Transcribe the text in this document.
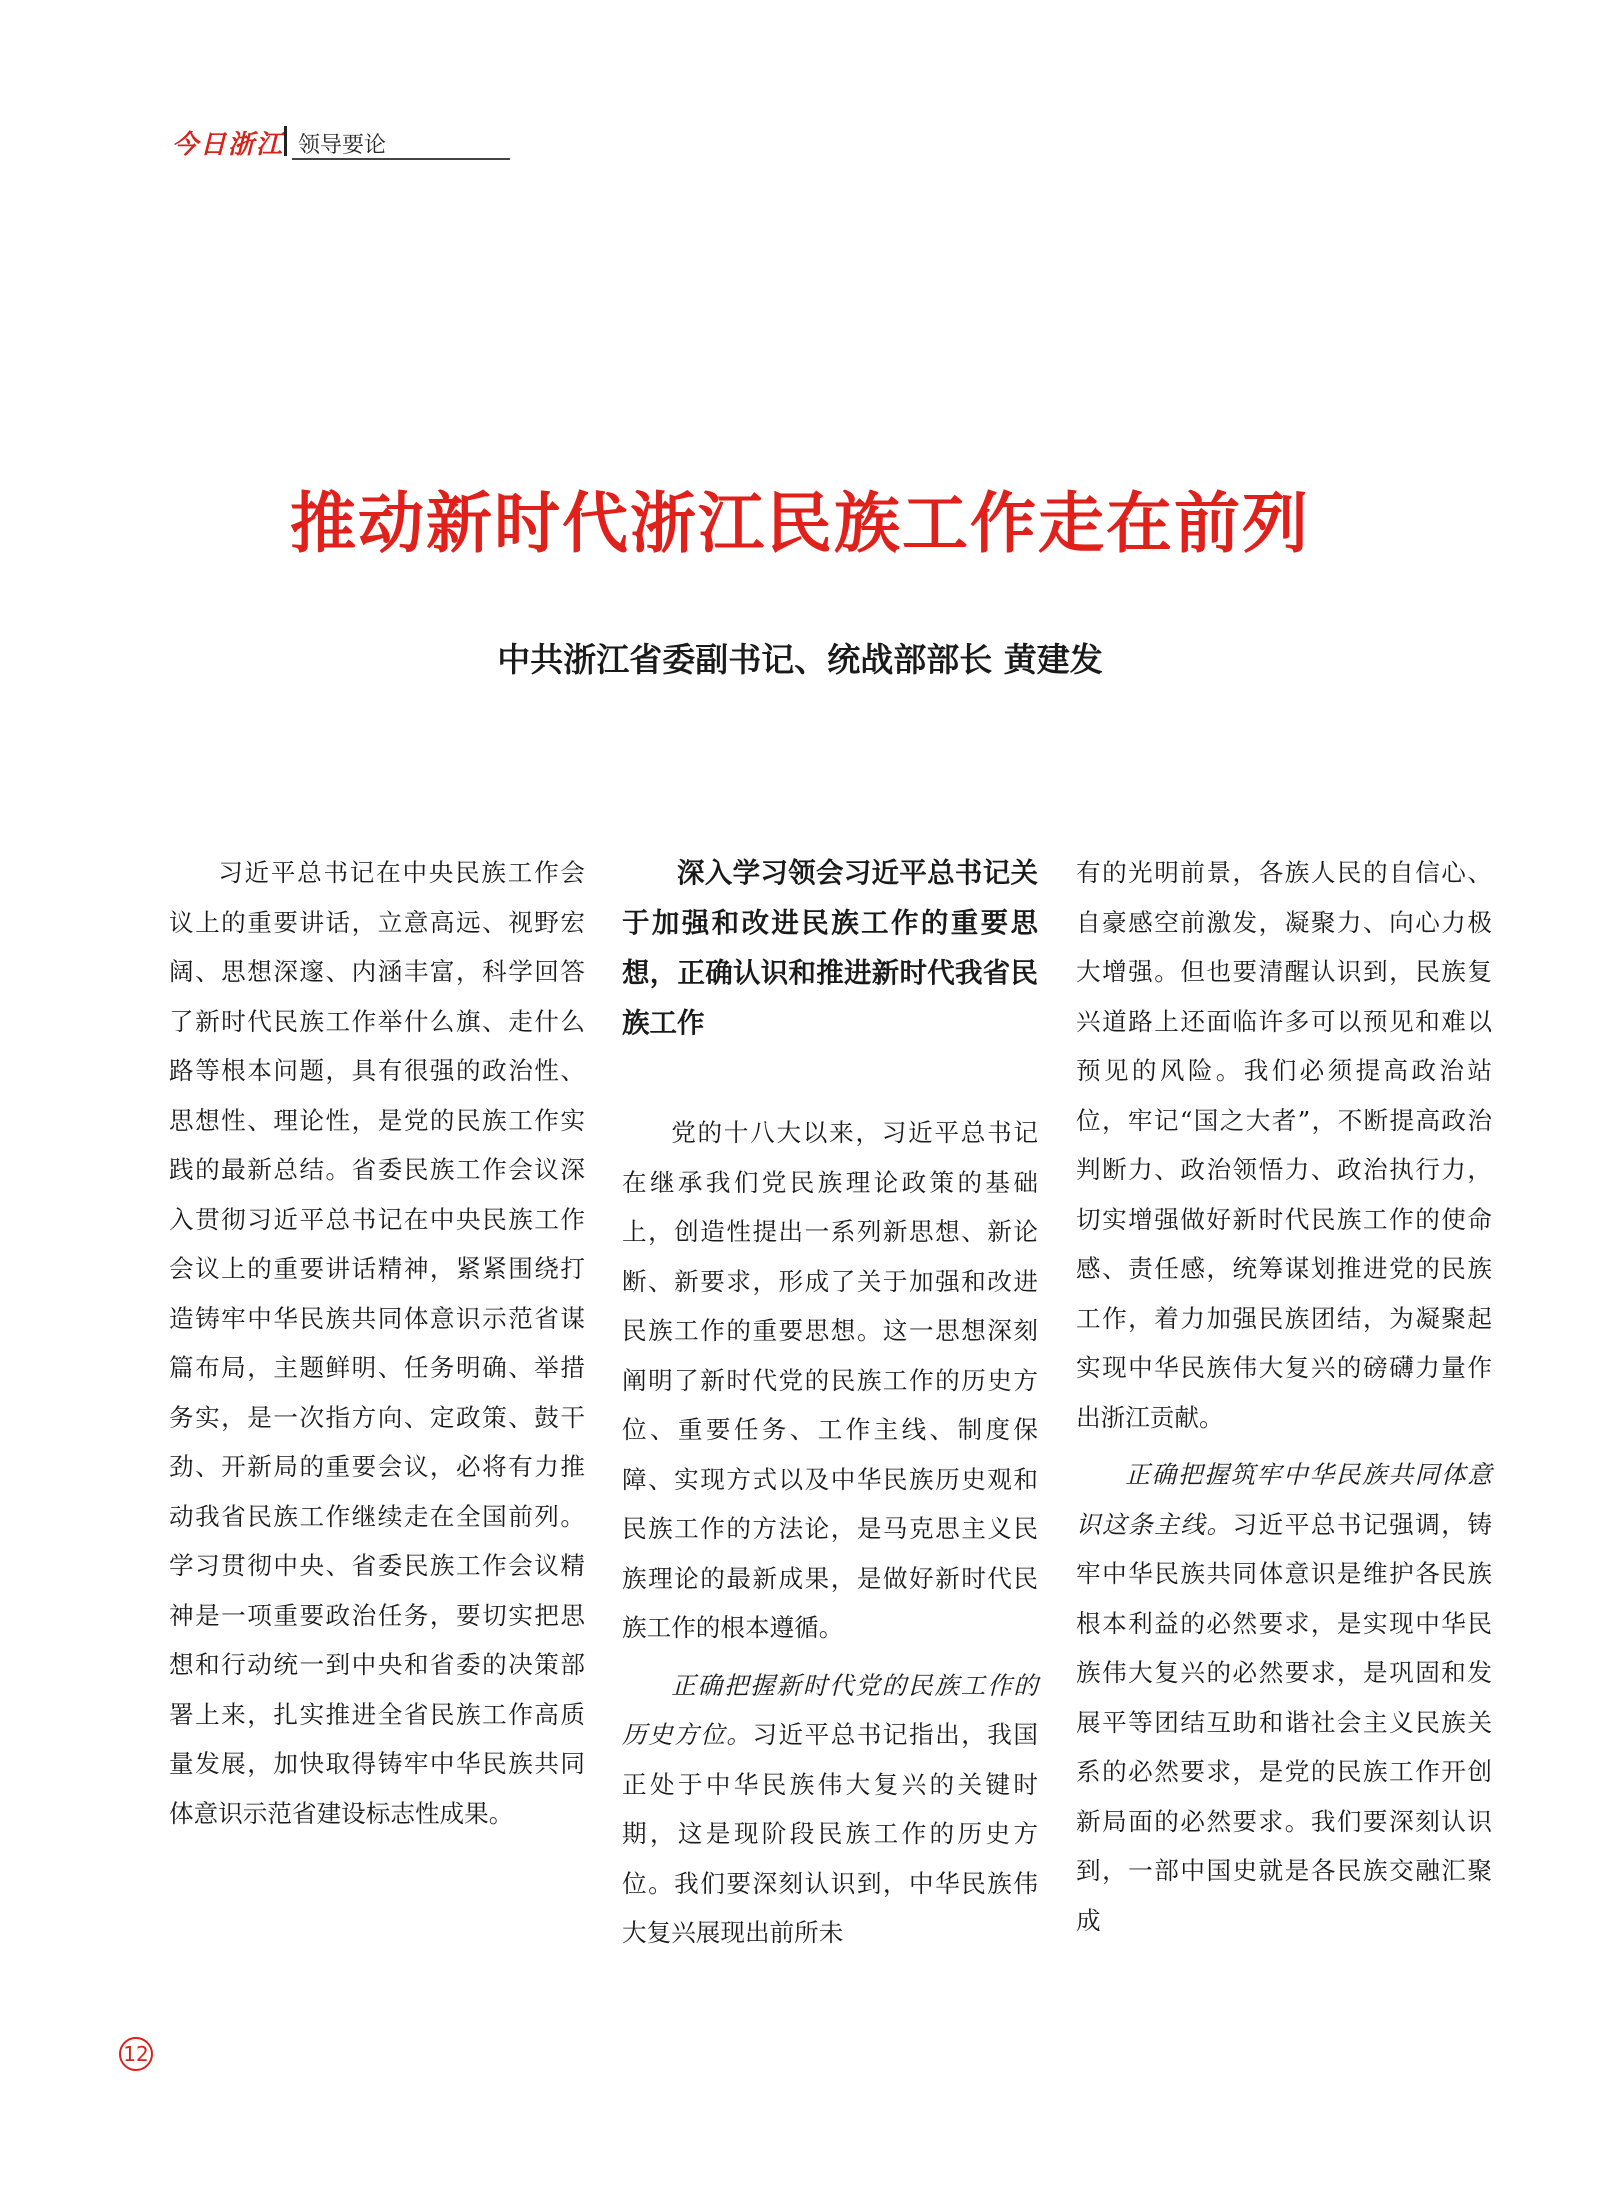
今日浙江 领导要论
推动新时代浙江民族工作走在前列
中共浙江省委副书记、统战部部长 黄建发

习近平总书记在中央民族工作会议上的重要讲话，立意高远、视野宏阔、思想深邃、内涵丰富，科学回答了新时代民族工作举什么旗、走什么路等根本问题，具有很强的政治性、思想性、理论性，是党的民族工作实践的最新总结。省委民族工作会议深入贯彻习近平总书记在中央民族工作会议上的重要讲话精神，紧紧围绕打造铸牢中华民族共同体意识示范省谋篇布局，主题鲜明、任务明确、举措务实，是一次指方向、定政策、鼓干劲、开新局的重要会议，必将有力推动我省民族工作继续走在全国前列。学习贯彻中央、省委民族工作会议精神是一项重要政治任务，要切实把思想和行动统一到中央和省委的决策部署上来，扎实推进全省民族工作高质量发展，加快取得铸牢中华民族共同体意识示范省建设标志性成果。

深入学习领会习近平总书记关于加强和改进民族工作的重要思想，正确认识和推进新时代我省民族工作

党的十八大以来，习近平总书记在继承我们党民族理论政策的基础上，创造性提出一系列新思想、新论断、新要求，形成了关于加强和改进民族工作的重要思想。这一思想深刻阐明了新时代党的民族工作的历史方位、重要任务、工作主线、制度保障、实现方式以及中华民族历史观和民族工作的方法论，是马克思主义民族理论的最新成果，是做好新时代民族工作的根本遵循。

正确把握新时代党的民族工作的历史方位。习近平总书记指出，我国正处于中华民族伟大复兴的关键时期，这是现阶段民族工作的历史方位。我们要深刻认识到，中华民族伟大复兴展现出前所未

有的光明前景，各族人民的自信心、自豪感空前激发，凝聚力、向心力极大增强。但也要清醒认识到，民族复兴道路上还面临许多可以预见和难以预见的风险。我们必须提高政治站位，牢记“国之大者”，不断提高政治判断力、政治领悟力、政治执行力，切实增强做好新时代民族工作的使命感、责任感，统筹谋划推进党的民族工作，着力加强民族团结，为凝聚起实现中华民族伟大复兴的磅礴力量作出浙江贡献。

正确把握筑牢中华民族共同体意识这条主线。习近平总书记强调，铸牢中华民族共同体意识是维护各民族根本利益的必然要求，是实现中华民族伟大复兴的必然要求，是巩固和发展平等团结互助和谐社会主义民族关系的必然要求，是党的民族工作开创新局面的必然要求。我们要深刻认识到，一部中国史就是各民族交融汇聚成

12
